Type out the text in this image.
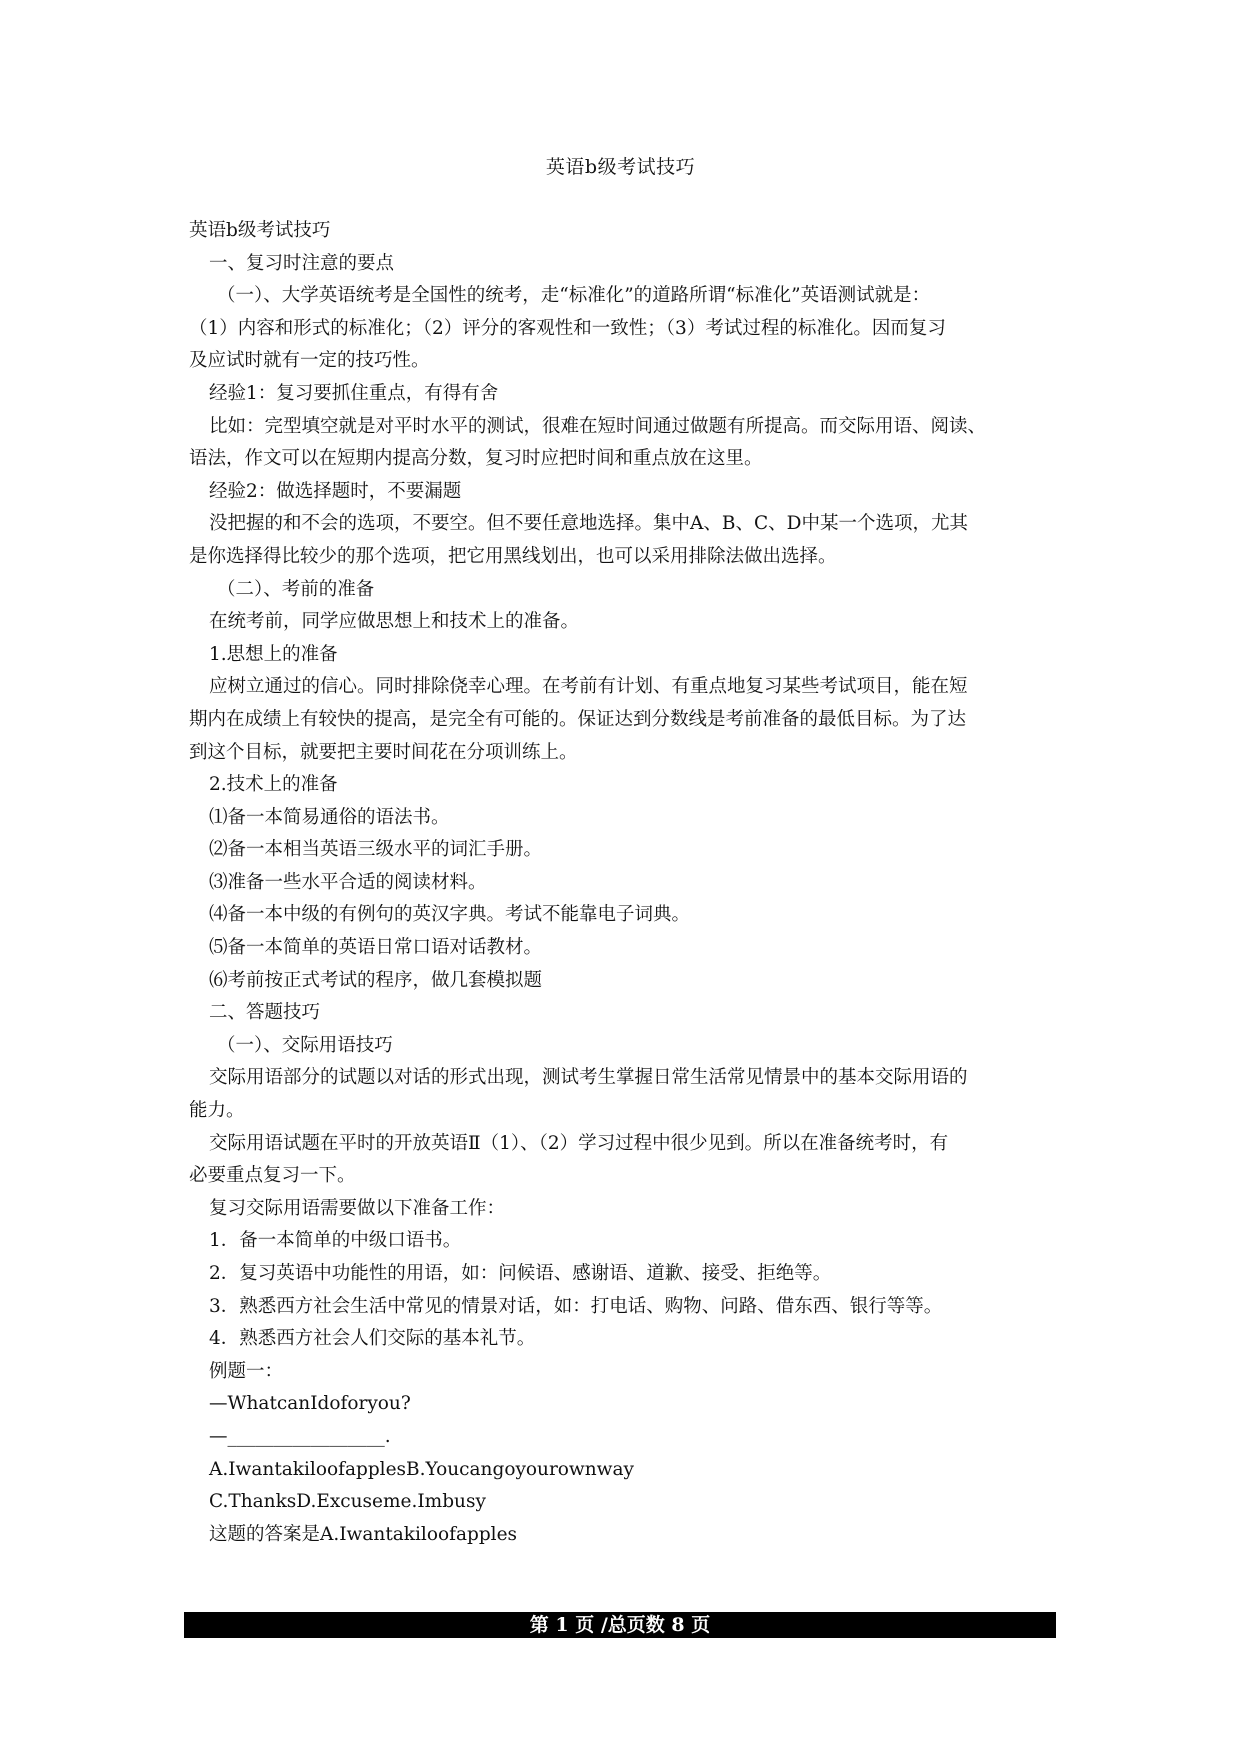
英语b级考试技巧
英语b级考试技巧
一、复习时注意的要点
（一）、大学英语统考是全国性的统考，走“标准化”的道路所谓“标准化”英语测试就是：
（1）内容和形式的标准化；（2）评分的客观性和一致性；（3）考试过程的标准化。因而复习
及应试时就有一定的技巧性。
经验1：复习要抓住重点，有得有舍
比如：完型填空就是对平时水平的测试，很难在短时间通过做题有所提高。而交际用语、阅读、
语法，作文可以在短期内提高分数，复习时应把时间和重点放在这里。
经验2：做选择题时，不要漏题
没把握的和不会的选项，不要空。但不要任意地选择。集中A、B、C、D中某一个选项，尤其
是你选择得比较少的那个选项，把它用黑线划出，也可以采用排除法做出选择。
（二）、考前的准备
在统考前，同学应做思想上和技术上的准备。
1.思想上的准备
应树立通过的信心。同时排除侥幸心理。在考前有计划、有重点地复习某些考试项目，能在短
期内在成绩上有较快的提高，是完全有可能的。保证达到分数线是考前准备的最低目标。为了达
到这个目标，就要把主要时间花在分项训练上。
2.技术上的准备
⑴备一本简易通俗的语法书。
⑵备一本相当英语三级水平的词汇手册。
⑶准备一些水平合适的阅读材料。
⑷备一本中级的有例句的英汉字典。考试不能靠电子词典。
⑸备一本简单的英语日常口语对话教材。
⑹考前按正式考试的程序，做几套模拟题
二、答题技巧
（一）、交际用语技巧
交际用语部分的试题以对话的形式出现，测试考生掌握日常生活常见情景中的基本交际用语的
能力。
交际用语试题在平时的开放英语Ⅱ（1）、（2）学习过程中很少见到。所以在准备统考时，有
必要重点复习一下。
复习交际用语需要做以下准备工作：
1．备一本简单的中级口语书。
2．复习英语中功能性的用语，如：问候语、感谢语、道歉、接受、拒绝等。
3．熟悉西方社会生活中常见的情景对话，如：打电话、购物、问路、借东西、银行等等。
4．熟悉西方社会人们交际的基本礼节。
例题一：
—WhatcanIdoforyou?
—_________________.
A.IwantakiloofapplesB.Youcangoyourownway
C.ThanksD.Excuseme.Imbusy
这题的答案是A.Iwantakiloofapples
第 1 页 /总页数 8 页
